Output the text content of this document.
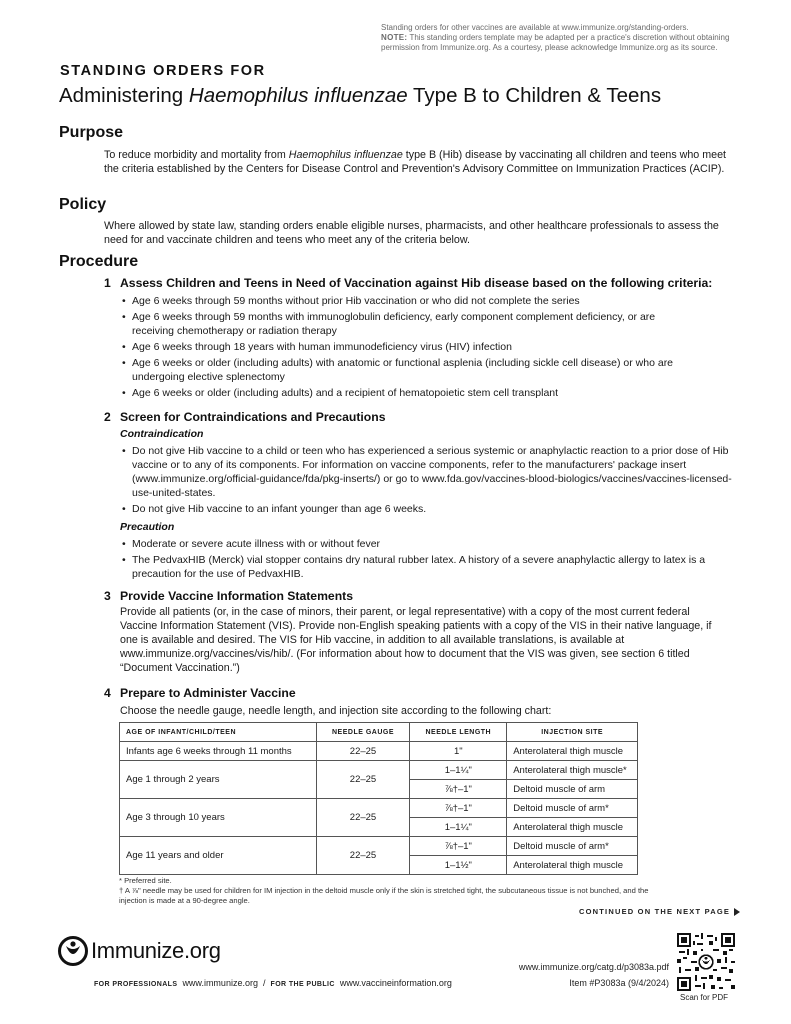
Standing orders for other vaccines are available at www.immunize.org/standing-orders.
NOTE: This standing orders template may be adapted per a practice's discretion without obtaining permission from Immunize.org. As a courtesy, please acknowledge Immunize.org as its source.
STANDING ORDERS FOR
Administering Haemophilus influenzae Type B to Children & Teens
Purpose
To reduce morbidity and mortality from Haemophilus influenzae type B (Hib) disease by vaccinating all children and teens who meet the criteria established by the Centers for Disease Control and Prevention's Advisory Committee on Immunization Practices (ACIP).
Policy
Where allowed by state law, standing orders enable eligible nurses, pharmacists, and other healthcare professionals to assess the need for and vaccinate children and teens who meet any of the criteria below.
Procedure
1 Assess Children and Teens in Need of Vaccination against Hib disease based on the following criteria:
• Age 6 weeks through 59 months without prior Hib vaccination or who did not complete the series
• Age 6 weeks through 59 months with immunoglobulin deficiency, early component complement deficiency, or are receiving chemotherapy or radiation therapy
• Age 6 weeks through 18 years with human immunodeficiency virus (HIV) infection
• Age 6 weeks or older (including adults) with anatomic or functional asplenia (including sickle cell disease) or who are undergoing elective splenectomy
• Age 6 weeks or older (including adults) and a recipient of hematopoietic stem cell transplant
2 Screen for Contraindications and Precautions
Contraindication
• Do not give Hib vaccine to a child or teen who has experienced a serious systemic or anaphylactic reaction to a prior dose of Hib vaccine or to any of its components. For information on vaccine components, refer to the manufacturers' package insert (www.immunize.org/official-guidance/fda/pkg-inserts/) or go to www.fda.gov/vaccines-blood-biologics/vaccines/vaccines-licensed-use-united-states.
• Do not give Hib vaccine to an infant younger than age 6 weeks.
Precaution
• Moderate or severe acute illness with or without fever
• The PedvaxHIB (Merck) vial stopper contains dry natural rubber latex. A history of a severe anaphylactic allergy to latex is a precaution for the use of PedvaxHIB.
3 Provide Vaccine Information Statements
Provide all patients (or, in the case of minors, their parent, or legal representative) with a copy of the most current federal Vaccine Information Statement (VIS). Provide non-English speaking patients with a copy of the VIS in their native language, if one is available and desired. The VIS for Hib vaccine, in addition to all available translations, is available at www.immunize.org/vaccines/vis/hib/. (For information about how to document that the VIS was given, see section 6 titled “Document Vaccination.”)
4 Prepare to Administer Vaccine
Choose the needle gauge, needle length, and injection site according to the following chart:
AGE OF INFANT/CHILD/TEEN	NEEDLE GAUGE	NEEDLE LENGTH	INJECTION SITE
Infants age 6 weeks through 11 months	22–25	1"	Anterolateral thigh muscle
Age 1 through 2 years	22–25	1–1¼"	Anterolateral thigh muscle*
		⅞†–1"	Deltoid muscle of arm
Age 3 through 10 years	22–25	⅞†–1"	Deltoid muscle of arm*
		1–1¼"	Anterolateral thigh muscle
Age 11 years and older	22–25	⅞†–1"	Deltoid muscle of arm*
		1–1½"	Anterolateral thigh muscle
* Preferred site.
† A ⅞" needle may be used for children for IM injection in the deltoid muscle only if the skin is stretched tight, the subcutaneous tissue is not bunched, and the injection is made at a 90-degree angle.
CONTINUED ON THE NEXT PAGE
Immunize.org
FOR PROFESSIONALS www.immunize.org / FOR THE PUBLIC www.vaccineinformation.org
www.immunize.org/catg.d/p3083a.pdf
Item #P3083a (9/4/2024)
Scan for PDF
